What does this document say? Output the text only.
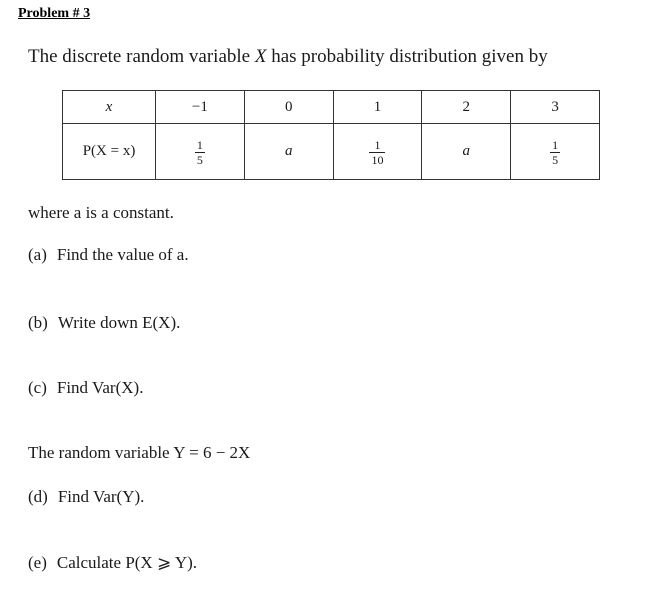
Problem # 3
The discrete random variable X has probability distribution given by
x	−1	0	1	2	3
P(X = x)	$\frac{1}{5}$	a	$\frac{1}{10}$	a	$\frac{1}{5}$
where a is a constant.
(a) Find the value of a.
(b) Write down E(X).
(c) Find Var(X).
The random variable Y = 6 − 2X
(d) Find Var(Y).
(e) Calculate P(X ⩾ Y).
